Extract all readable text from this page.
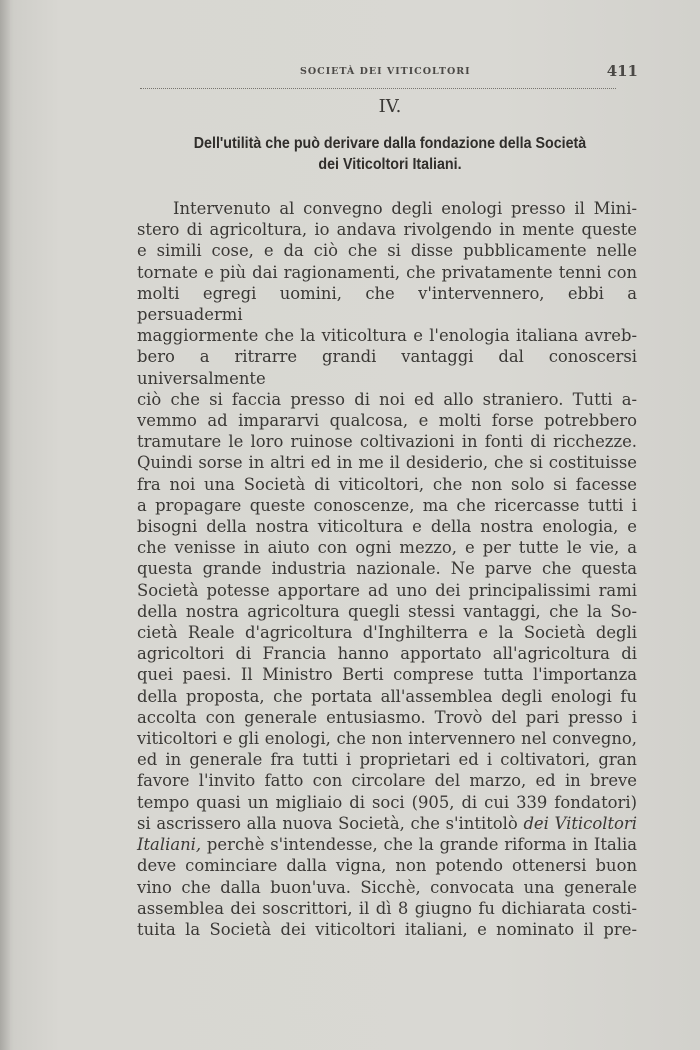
SOCIETÀ DEI VITICOLTORI	411
IV.
Dell'utilità che può derivare dalla fondazione della Società
dei Viticoltori Italiani.
Intervenuto al convegno degli enologi presso il Mini-
stero di agricoltura, io andava rivolgendo in mente queste
e simili cose, e da ciò che si disse pubblicamente nelle
tornate e più dai ragionamenti, che privatamente tenni con
molti egregi uomini, che v'intervennero, ebbi a persuadermi
maggiormente che la viticoltura e l'enologia italiana avreb-
bero a ritrarre grandi vantaggi dal conoscersi universalmente
ciò che si faccia presso di noi ed allo straniero. Tutti a-
vemmo ad impararvi qualcosa, e molti forse potrebbero
tramutare le loro ruinose coltivazioni in fonti di ricchezze.
Quindi sorse in altri ed in me il desiderio, che si costituisse
fra noi una Società di viticoltori, che non solo si facesse
a propagare queste conoscenze, ma che ricercasse tutti i
bisogni della nostra viticoltura e della nostra enologia, e
che venisse in aiuto con ogni mezzo, e per tutte le vie, a
questa grande industria nazionale. Ne parve che questa
Società potesse apportare ad uno dei principalissimi rami
della nostra agricoltura quegli stessi vantaggi, che la So-
cietà Reale d'agricoltura d'Inghilterra e la Società degli
agricoltori di Francia hanno apportato all'agricoltura di
quei paesi. Il Ministro Berti comprese tutta l'importanza
della proposta, che portata all'assemblea degli enologi fu
accolta con generale entusiasmo. Trovò del pari presso i
viticoltori e gli enologi, che non intervennero nel convegno,
ed in generale fra tutti i proprietari ed i coltivatori, gran
favore l'invito fatto con circolare del marzo, ed in breve
tempo quasi un migliaio di soci (905, di cui 339 fondatori)
si ascrissero alla nuova Società, che s'intitolò dei Viticoltori
Italiani, perchè s'intendesse, che la grande riforma in Italia
deve cominciare dalla vigna, non potendo ottenersi buon
vino che dalla buon'uva. Sicchè, convocata una generale
assemblea dei soscrittori, il dì 8 giugno fu dichiarata costi-
tuita la Società dei viticoltori italiani, e nominato il pre-
